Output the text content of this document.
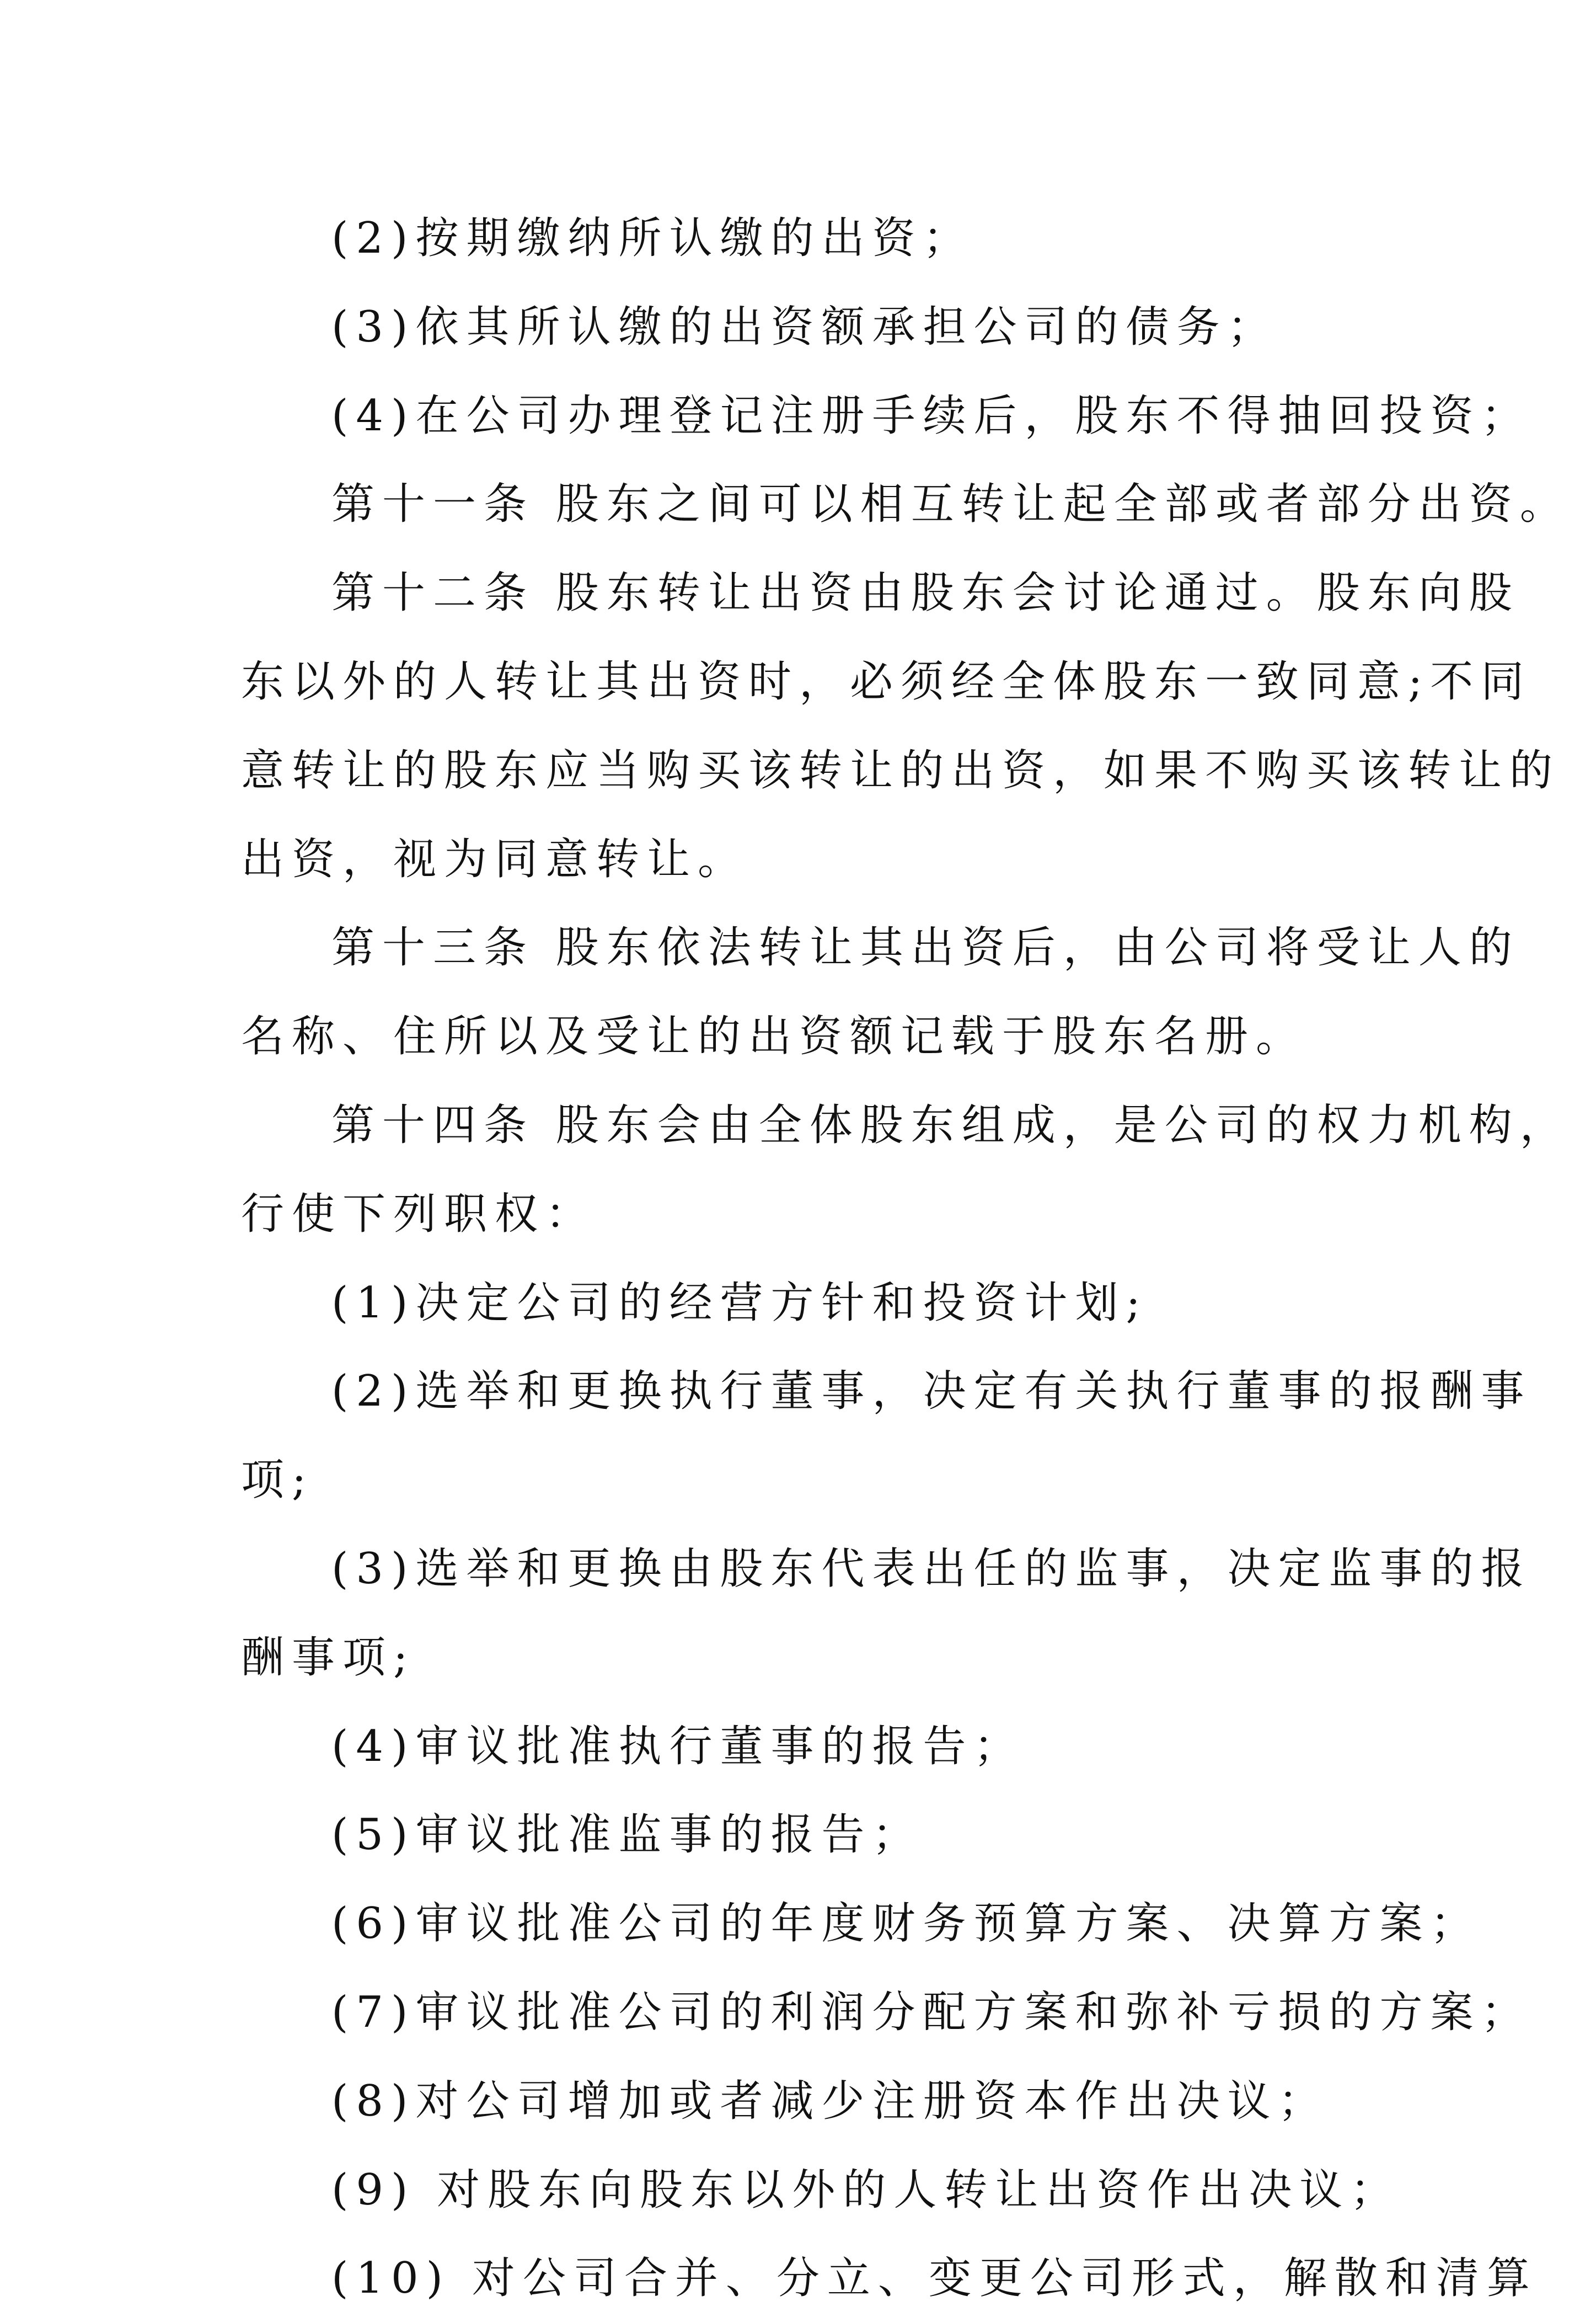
(2)按期缴纳所认缴的出资；
(3)依其所认缴的出资额承担公司的债务；
(4)在公司办理登记注册手续后，股东不得抽回投资；
第十一条 股东之间可以相互转让起全部或者部分出资。
第十二条 股东转让出资由股东会讨论通过。股东向股
东以外的人转让其出资时，必须经全体股东一致同意;不同
意转让的股东应当购买该转让的出资，如果不购买该转让的
出资，视为同意转让。
第十三条 股东依法转让其出资后，由公司将受让人的
名称、住所以及受让的出资额记载于股东名册。
第十四条 股东会由全体股东组成，是公司的权力机构，
行使下列职权：
(1)决定公司的经营方针和投资计划;
(2)选举和更换执行董事，决定有关执行董事的报酬事
项;
(3)选举和更换由股东代表出任的监事，决定监事的报
酬事项;
(4)审议批准执行董事的报告；
(5)审议批准监事的报告；
(6)审议批准公司的年度财务预算方案、决算方案；
(7)审议批准公司的利润分配方案和弥补亏损的方案；
(8)对公司增加或者减少注册资本作出决议；
(9) 对股东向股东以外的人转让出资作出决议；
(10) 对公司合并、分立、变更公司形式，解散和清算
